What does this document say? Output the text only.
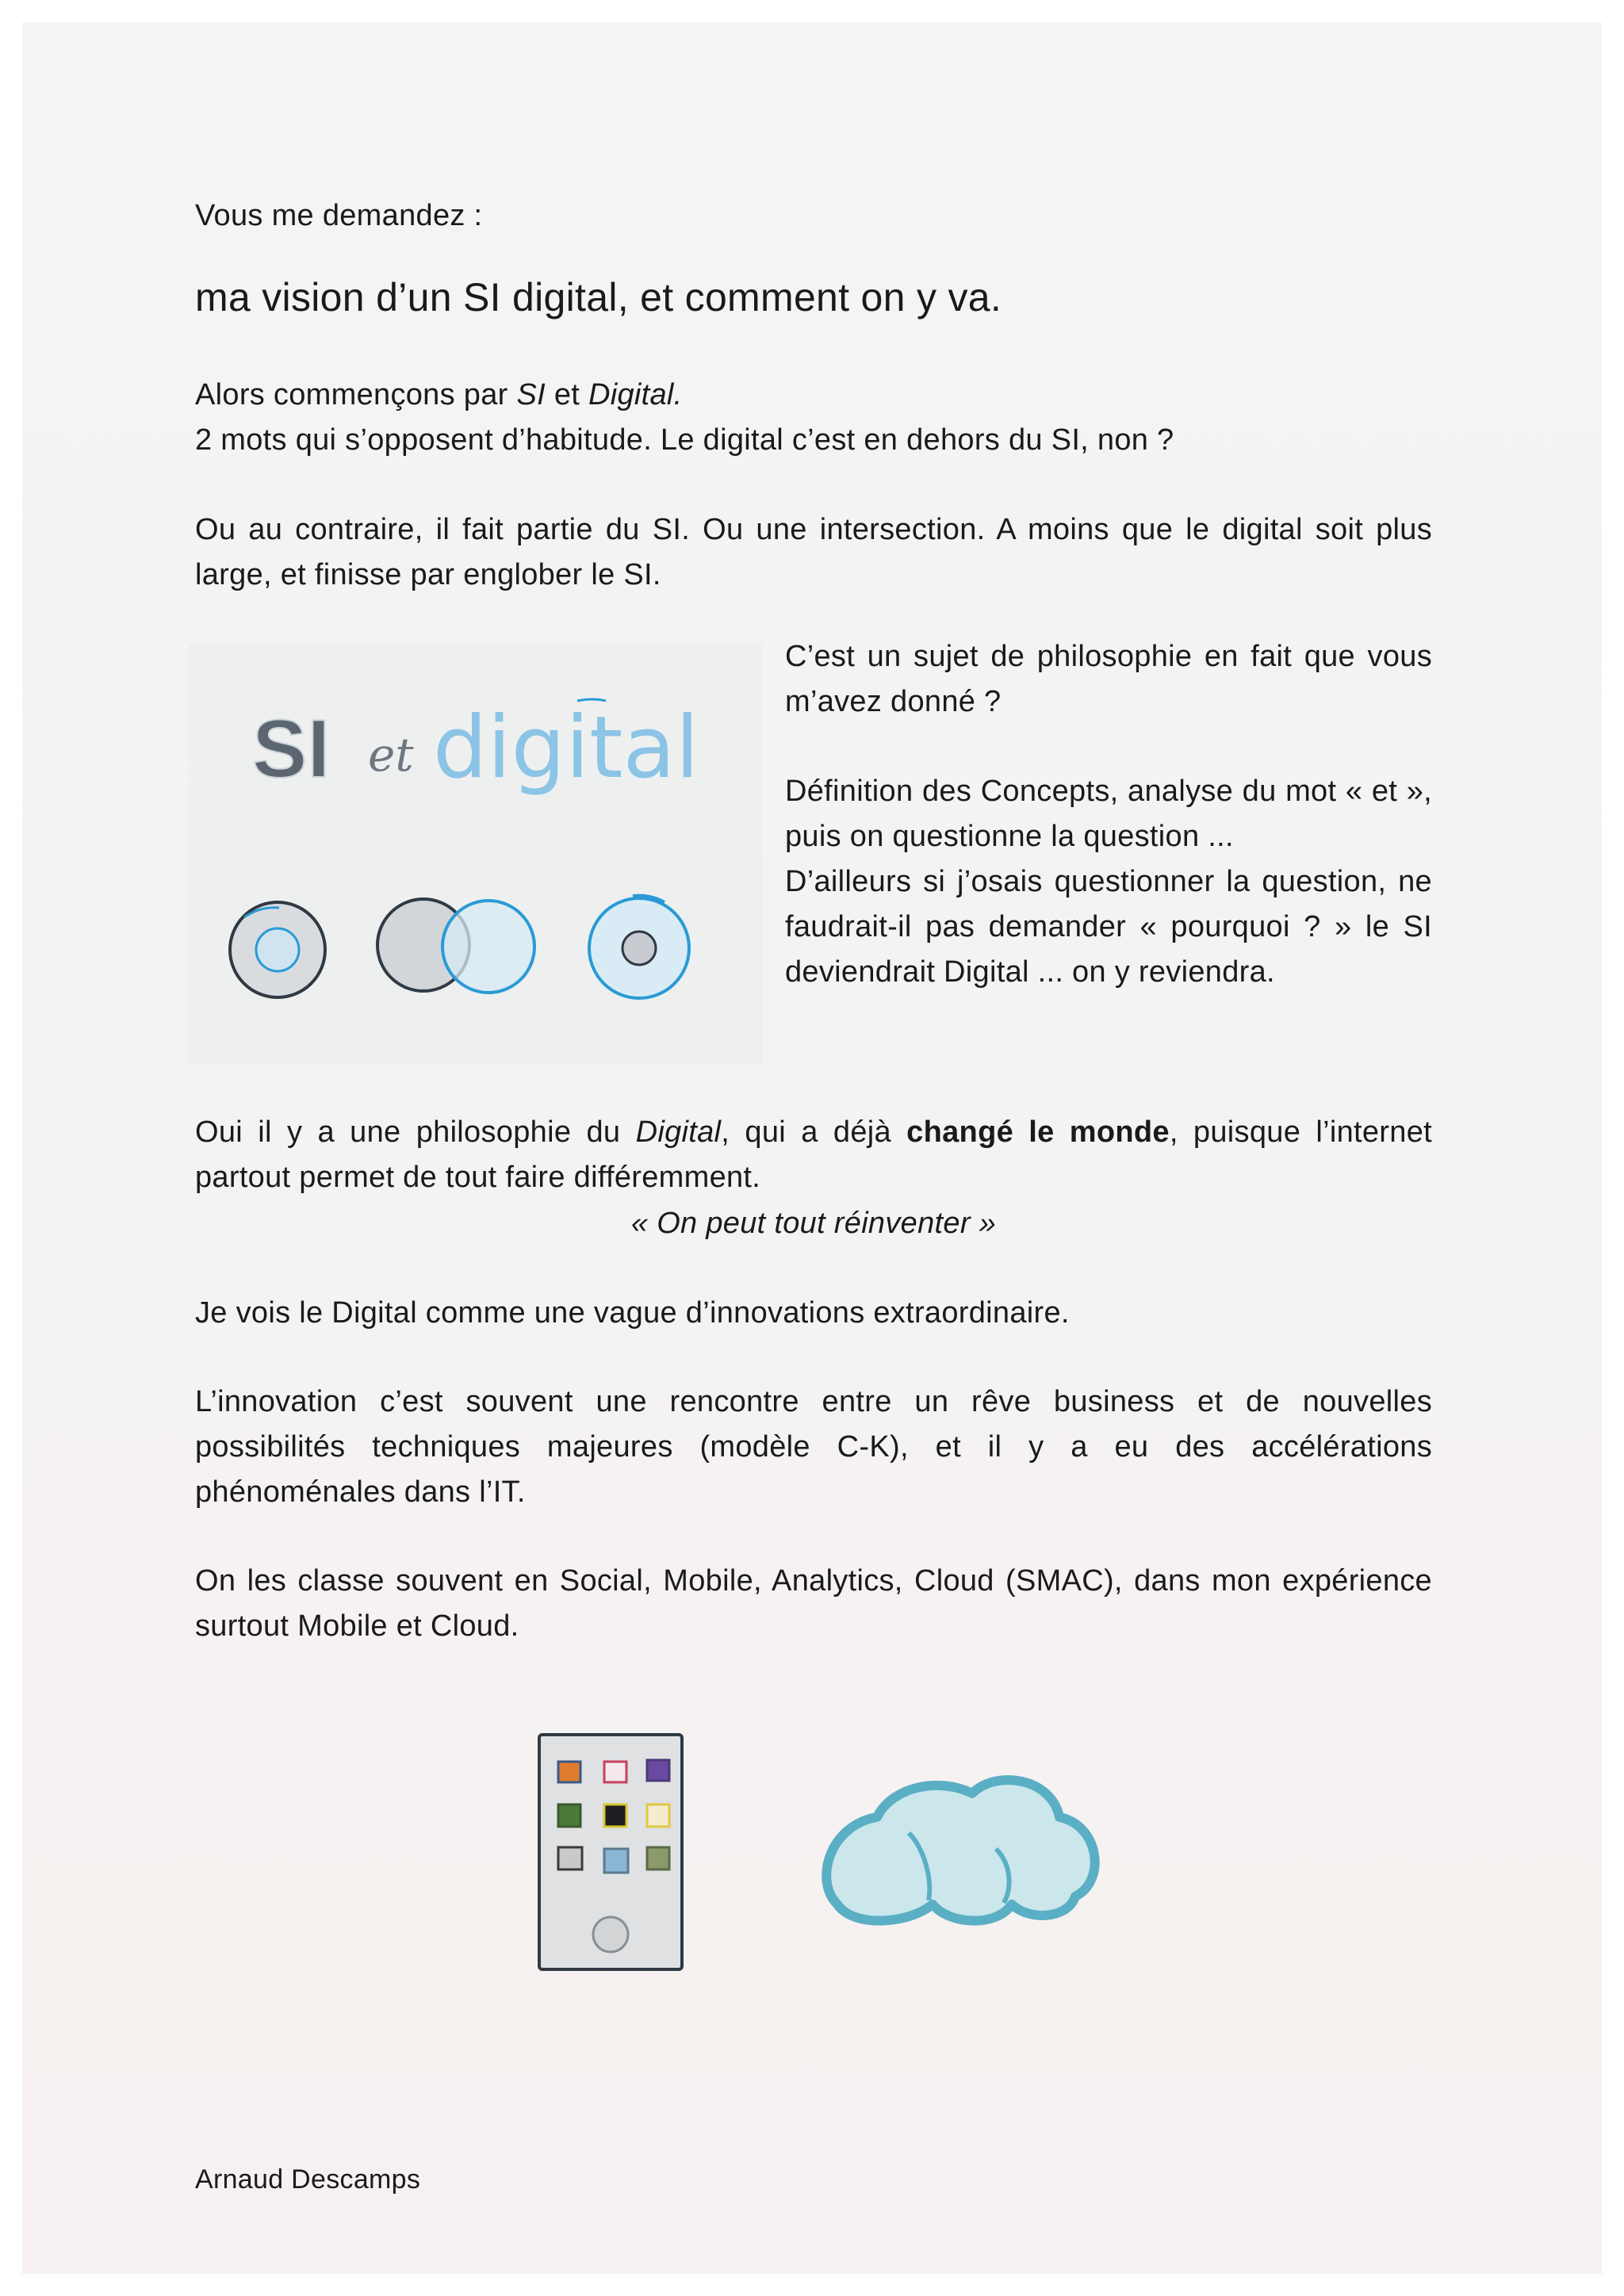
Vous me demandez :
ma vision d’un SI digital, et comment on y va.
Alors commençons par SI et Digital.
2 mots qui s’opposent d’habitude. Le digital c’est en dehors du SI, non ?
Ou au contraire, il fait partie du SI. Ou une intersection. A moins que le digital soit plus large, et finisse par englober le SI.
SI et digital
C’est un sujet de philosophie en fait que vous m’avez donné ?
Définition des Concepts, analyse du mot « et », puis on questionne la question ...
D’ailleurs si j’osais questionner la question, ne faudrait-il pas demander « pourquoi ? » le SI deviendrait Digital ... on y reviendra.
Oui il y a une philosophie du Digital, qui a déjà changé le monde, puisque l’internet partout permet de tout faire différemment.
« On peut tout réinventer »
Je vois le Digital comme une vague d’innovations extraordinaire.
L’innovation c’est souvent une rencontre entre un rêve business et de nouvelles possibilités techniques majeures (modèle C-K), et il y a eu des accélérations phénoménales dans l’IT.
On les classe souvent en Social, Mobile, Analytics, Cloud (SMAC), dans mon expérience surtout Mobile et Cloud.
Arnaud Descamps
